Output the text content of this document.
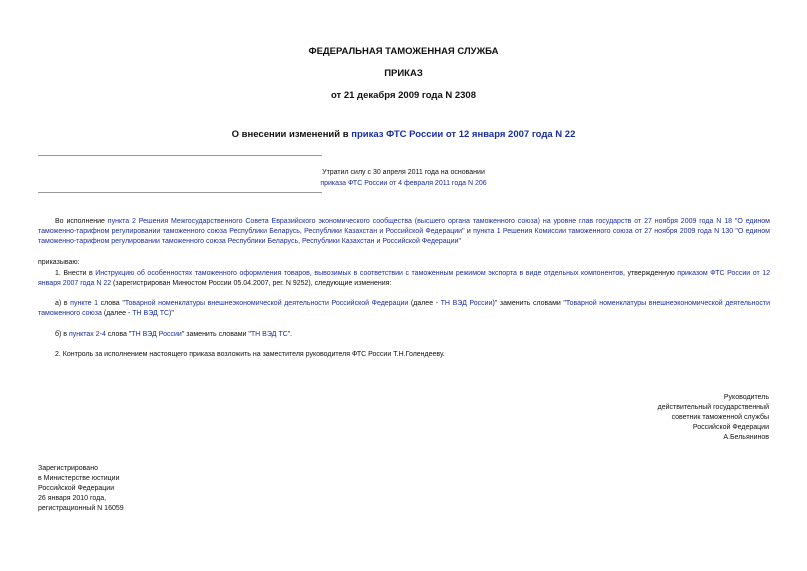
ФЕДЕРАЛЬНАЯ ТАМОЖЕННАЯ СЛУЖБА
ПРИКАЗ
от 21 декабря 2009 года N 2308
О внесении изменений в приказ ФТС России от 12 января 2007 года N 22
Утратил силу с 30 апреля 2011 года на основании
приказа ФТС России от 4 февраля 2011 года N 206
Во исполнение пункта 2 Решения Межгосударственного Совета Евразийского экономического сообщества (высшего органа таможенного союза) на уровне глав государств от 27 ноября 2009 года N 18 "О едином таможенно-тарифном регулировании таможенного союза Республики Беларусь, Республики Казахстан и Российской Федерации" и пункта 1 Решения Комиссии таможенного союза от 27 ноября 2009 года N 130 "О едином таможенно-тарифном регулировании таможенного союза Республики Беларусь, Республики Казахстан и Российской Федерации"
приказываю:
1. Внести в Инструкцию об особенностях таможенного оформления товаров, вывозимых в соответствии с таможенным режимом экспорта в виде отдельных компонентов, утвержденную приказом ФТС России от 12 января 2007 года N 22 (зарегистрирован Минюстом России 05.04.2007, рег. N 9252), следующие изменения:
а) в пункте 1 слова "Товарной номенклатуры внешнеэкономической деятельности Российской Федерации (далее - ТН ВЭД России)" заменить словами "Товарной номенклатуры внешнеэкономической деятельности таможенного союза (далее - ТН ВЭД ТС)"
б) в пунктах 2-4 слова "ТН ВЭД России" заменить словами "ТН ВЭД ТС".
2. Контроль за исполнением настоящего приказа возложить на заместителя руководителя ФТС России Т.Н.Голендееву.
Руководитель
действительный государственный
советник таможенной службы
Российской Федерации
А.Бельянинов
Зарегистрировано
в Министерстве юстиции
Российской Федерации
26 января 2010 года,
регистрационный N 16059
